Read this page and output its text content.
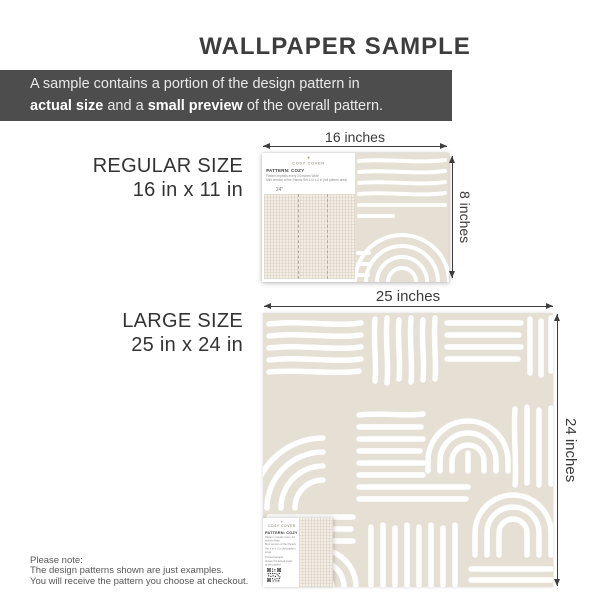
WALLPAPER SAMPLE
A sample contains a portion of the design pattern in
actual size and a small preview of the overall pattern.
REGULAR SIZE
16 in x 11 in
16 inches
8 inches
✦
COSY COVER
PATTERN: COZY
Pattern repeats every 24 inches Wide
Mini version of the Panels Set 4 in x 2 in (full pattern area)
24"
LARGE SIZE
25 in x 24 in
25 inches
24 inches
✦
COSY COVER
PATTERN: COZY
Pattern repeats every 24 inches Wide
Mini version of the Panels Set 4 in x 2 in (full pattern area)
Printed sample
shows the actual scale
of the pattern
Please note:
The design patterns shown are just examples.
You will receive the pattern you choose at checkout.
